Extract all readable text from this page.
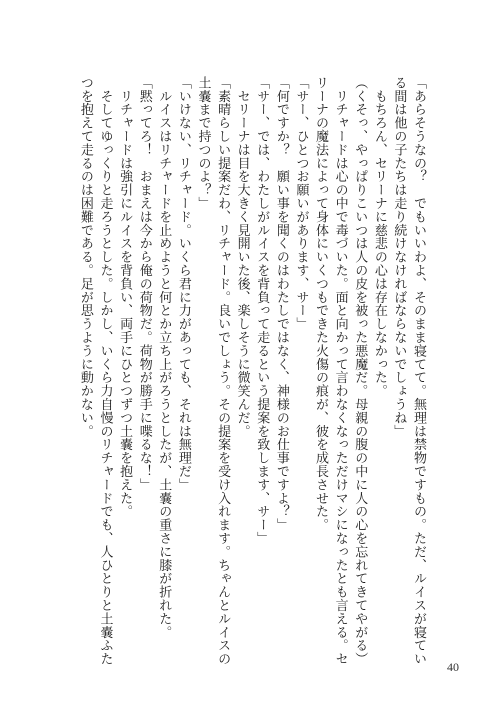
「あらそうなの？　でもいいわよ、そのまま寝てて。無理は禁物ですもの。ただ、ルイスが寝てい
る間は他の子たちは走り続けなければならないでしょうね」
　もちろん、セリーナに慈悲の心は存在しなかった。
（くそっ、やっぱりこいつは人の皮を被った悪魔だ。母親の腹の中に人の心を忘れてきてやがる）
　リチャードは心の中で毒づいた。面と向かって言わなくなっただけマシになったとも言える。セ
リーナの魔法によって身体にいくつもできた火傷の痕が、彼を成長させた。
「サー、ひとつお願いがあります、サー」
「何ですか？　願い事を聞くのはわたしではなく、神様のお仕事ですよ？」
「サー、では、わたしがルイスを背負って走るという提案を致します、サー」
　セリーナは目を大きく見開いた後、楽しそうに微笑んだ。
「素晴らしい提案だわ、リチャード。良いでしょう。その提案を受け入れます。ちゃんとルイスの
土嚢まで持つのよ？」
「いけない、リチャード。いくら君に力があっても、それは無理だ」
　ルイスはリチャードを止めようと何とか立ち上がろうとしたが、土嚢の重さに膝が折れた。
「黙ってろ！　おまえは今から俺の荷物だ。荷物が勝手に喋るな！」
　リチャードは強引にルイスを背負い、両手にひとつずつ土嚢を抱えた。
　そしてゆっくりと走ろうとした。しかし、いくら力自慢のリチャードでも、人ひとりと土嚢ふた
つを抱えて走るのは困難である。足が思うように動かない。
40
